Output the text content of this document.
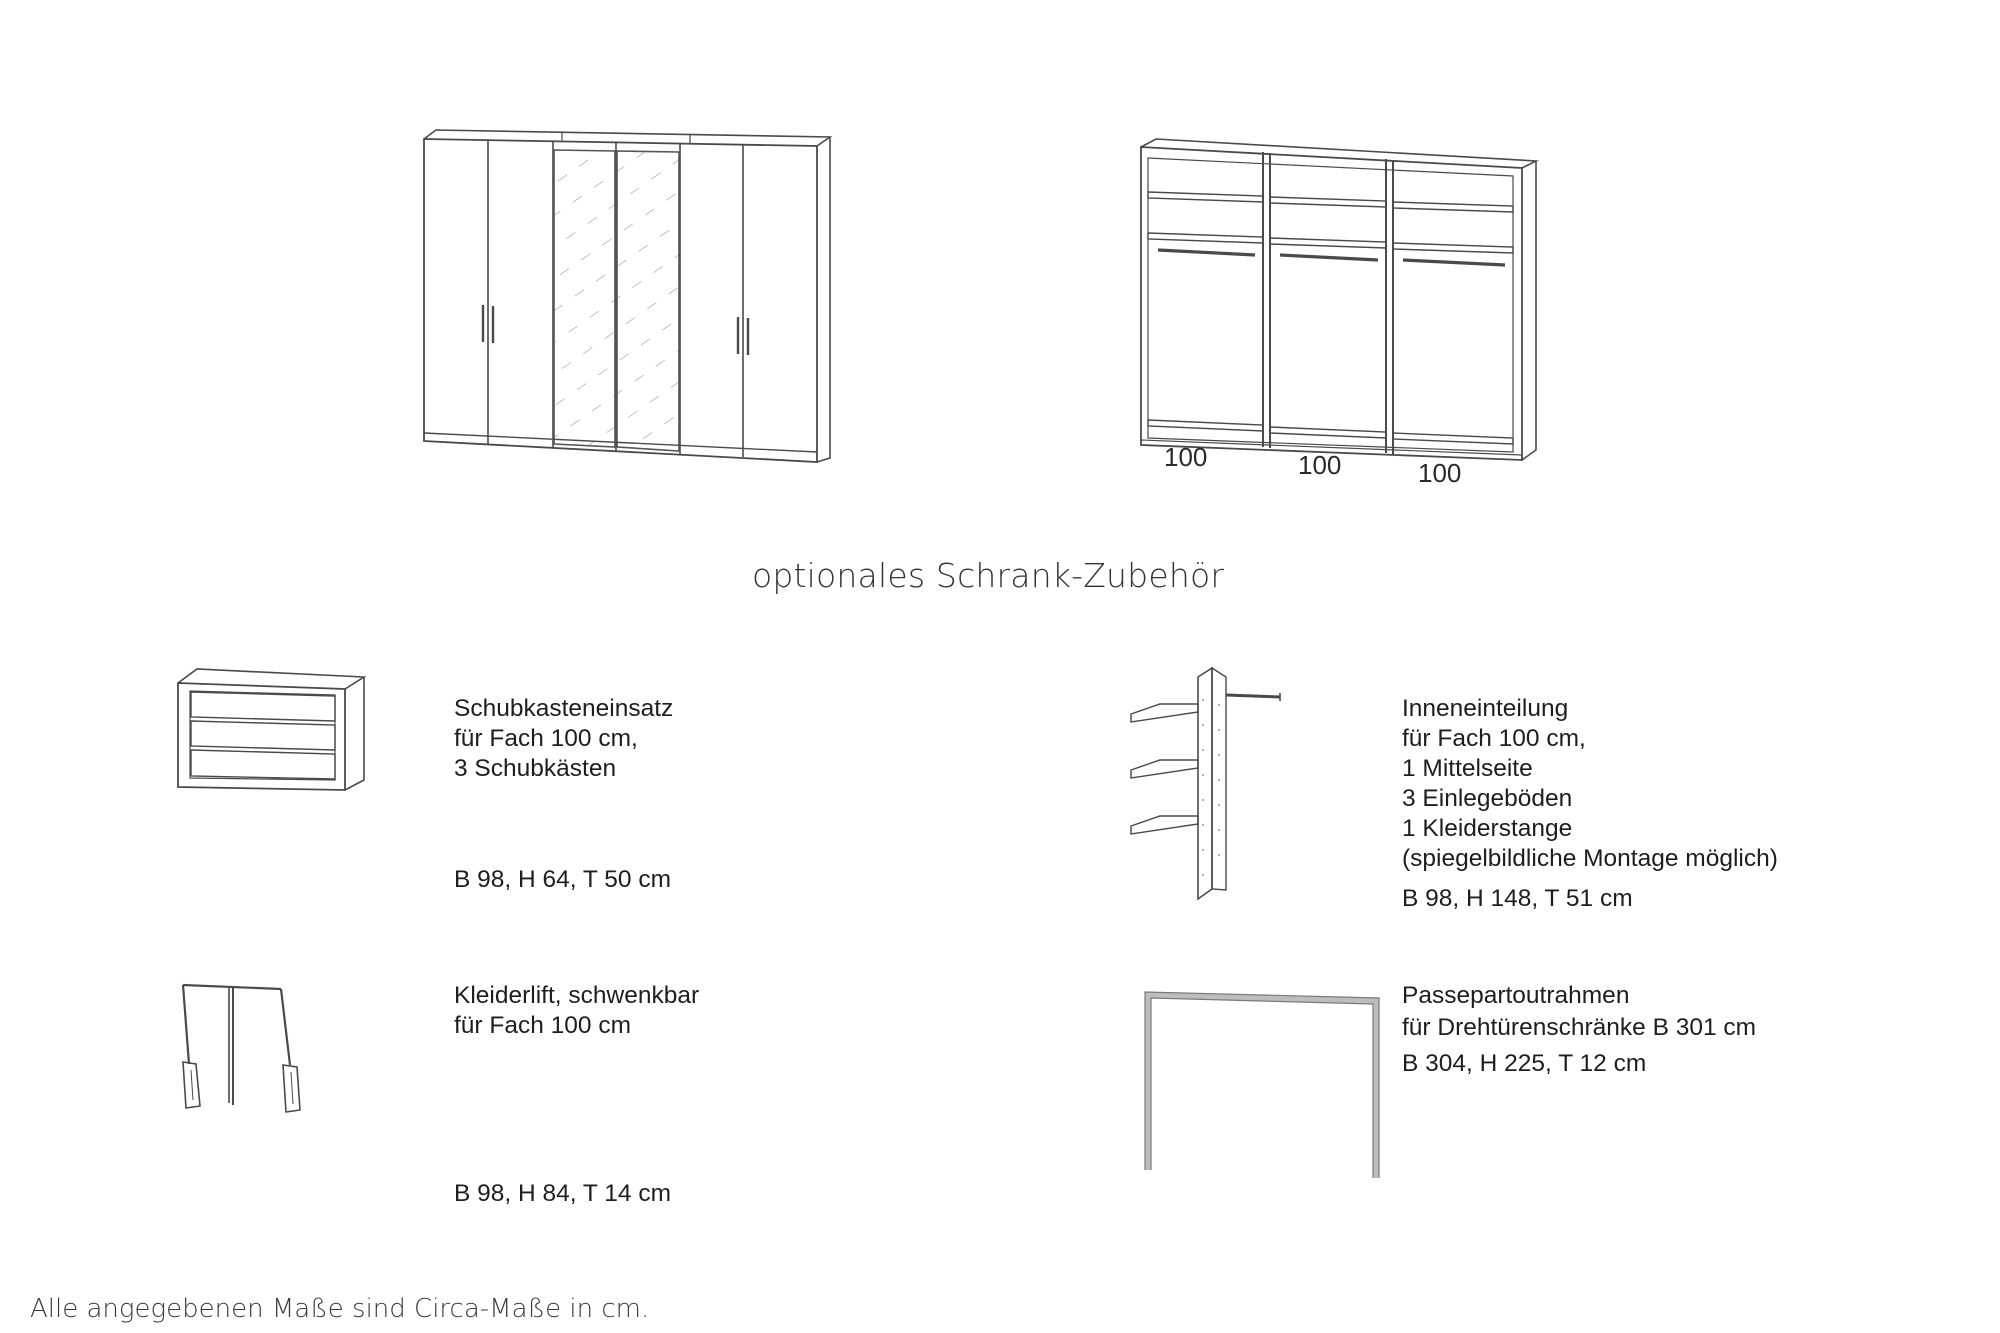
100	100	100
optionales Schrank-Zubehör
Schubkasteneinsatz
für Fach 100 cm,
3 Schubkästen
B 98, H 64, T 50 cm
Inneneinteilung
für Fach 100 cm,
1 Mittelseite
3 Einlegeböden
1 Kleiderstange
(spiegelbildliche Montage möglich)
B 98, H 148, T 51 cm
Kleiderlift, schwenkbar
für Fach 100 cm
B 98, H 84, T 14 cm
Passepartoutrahmen
für Drehtürenschränke B 301 cm
B 304, H 225, T 12 cm
Alle angegebenen Maße sind Circa-Maße in cm.
